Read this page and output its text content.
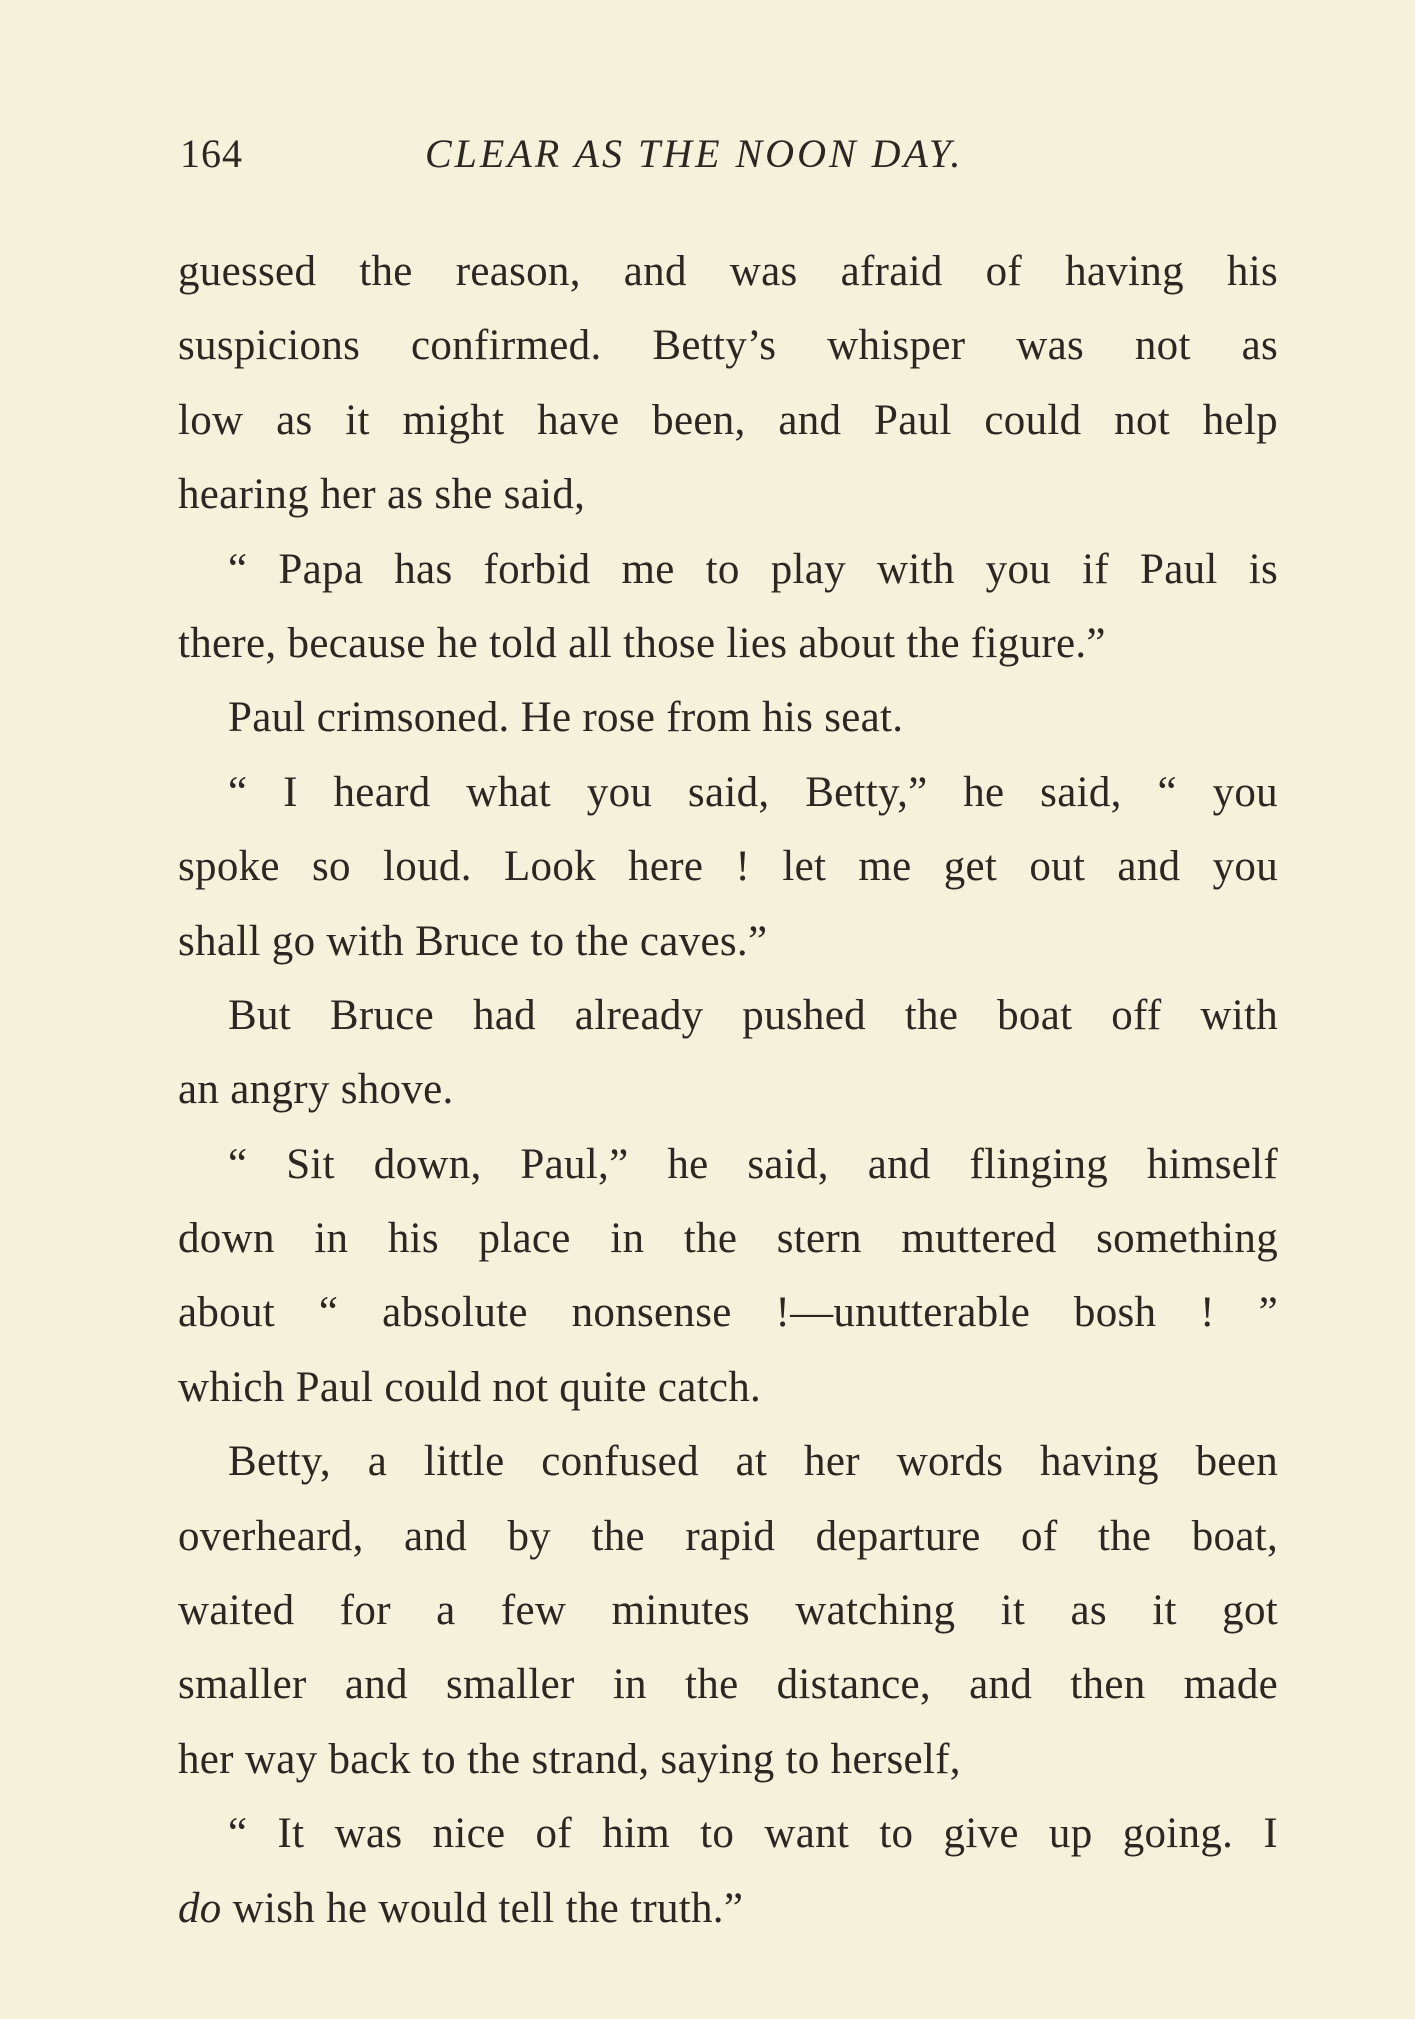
164	CLEAR AS THE NOON DAY.
guessed the reason, and was afraid of having his
suspicions confirmed. Betty’s whisper was not as
low as it might have been, and Paul could not help
hearing her as she said,
“ Papa has forbid me to play with you if Paul is
there, because he told all those lies about the figure.”
Paul crimsoned. He rose from his seat.
“ I heard what you said, Betty,” he said, “ you
spoke so loud. Look here ! let me get out and you
shall go with Bruce to the caves.”
But Bruce had already pushed the boat off with
an angry shove.
“ Sit down, Paul,” he said, and flinging himself
down in his place in the stern muttered something
about “ absolute nonsense !—unutterable bosh ! ”
which Paul could not quite catch.
Betty, a little confused at her words having been
overheard, and by the rapid departure of the boat,
waited for a few minutes watching it as it got
smaller and smaller in the distance, and then made
her way back to the strand, saying to herself,
“ It was nice of him to want to give up going. I
do wish he would tell the truth.”
